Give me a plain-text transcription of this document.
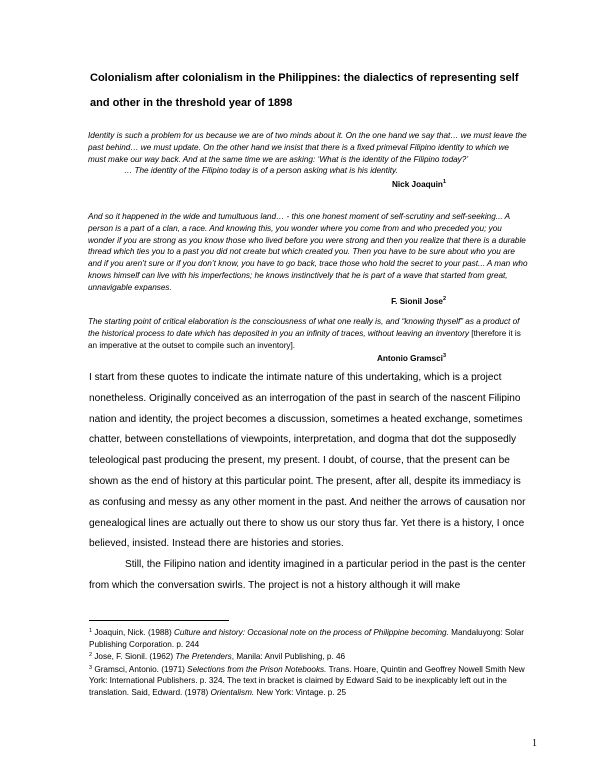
Colonialism after colonialism in the Philippines: the dialectics of representing self and other in the threshold year of 1898
Identity is such a problem for us because we are of two minds about it. On the one hand we say that… we must leave the past behind… we must update. On the other hand we insist that there is a fixed primeval Filipino identity to which we must make our way back. And at the same time we are asking: ‘What is the identity of the Filipino today?’
… The identity of the Filipino today is of a person asking what is his identity.
Nick Joaquin$^1$
And so it happened in the wide and tumultuous land… - this one honest moment of self-scrutiny and self-seeking... A person is a part of a clan, a race. And knowing this, you wonder where you come from and who preceded you; you wonder if you are strong as you know those who lived before you were strong and then you realize that there is a durable thread which ties you to a past you did not create but which created you. Then you have to be sure about who you are and if you aren’t sure or if you don’t know, you have to go back, trace those who hold the secret to your past... A man who knows himself can live with his imperfections; he knows instinctively that he is part of a wave that started from great, unnavigable expanses.
F. Sionil Jose$^2$
The starting point of critical elaboration is the consciousness of what one really is, and “knowing thyself” as a product of the historical process to date which has deposited in you an infinity of traces, without leaving an inventory [therefore it is an imperative at the outset to compile such an inventory].
Antonio Gramsci$^3$

I start from these quotes to indicate the intimate nature of this undertaking, which is a project nonetheless. Originally conceived as an interrogation of the past in search of the nascent Filipino nation and identity, the project becomes a discussion, sometimes a heated exchange, sometimes chatter, between constellations of viewpoints, interpretation, and dogma that dot the supposedly teleological past producing the present, my present. I doubt, of course, that the present can be shown as the end of history at this particular point. The present, after all, despite its immediacy is as confusing and messy as any other moment in the past. And neither the arrows of causation nor genealogical lines are actually out there to show us our story thus far. Yet there is a history, I once believed, insisted. Instead there are histories and stories.

Still, the Filipino nation and identity imagined in a particular period in the past is the center from which the conversation swirls. The project is not a history although it will make

$^1$ Joaquin, Nick. (1988) Culture and history: Occasional note on the process of Philippine becoming. Mandaluyong: Solar Publishing Corporation. p. 244

$^2$ Jose, F. Sionil. (1962) The Pretenders, Manila: Anvil Publishing, p. 46

$^3$ Gramsci, Antonio. (1971) Selections from the Prison Notebooks. Trans. Hoare, Quintin and Geoffrey Nowell Smith New York: International Publishers. p. 324. The text in bracket is claimed by Edward Said to be inexplicably left out in the translation. Said, Edward. (1978) Orientalism. New York: Vintage. p. 25

1
